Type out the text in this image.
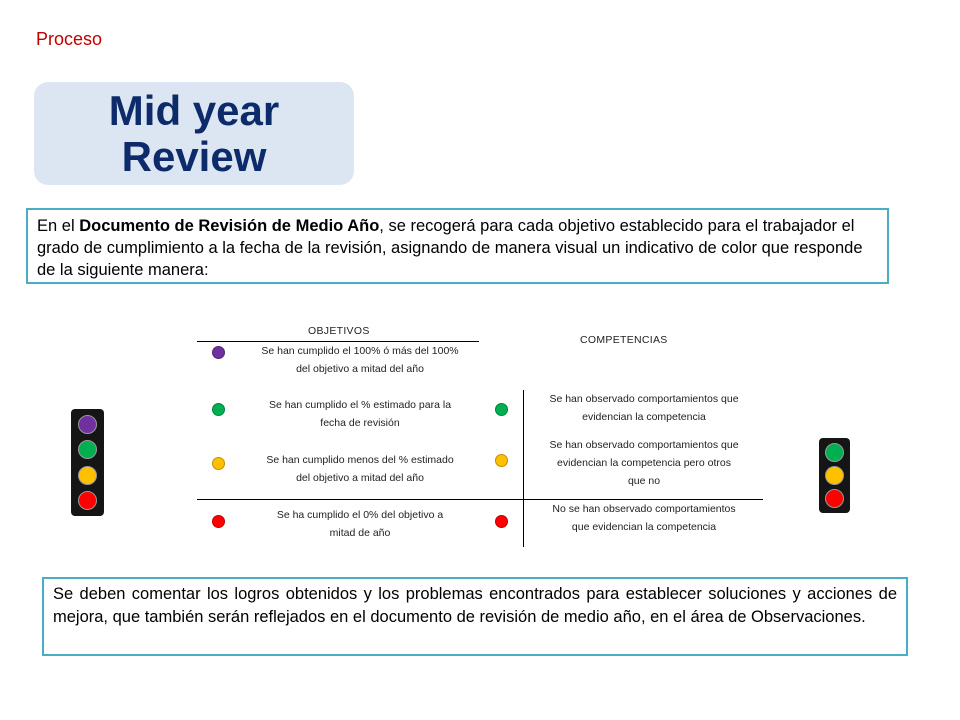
Proceso
Mid year
Review
En el Documento de Revisión de Medio Año, se recogerá para cada objetivo establecido para el trabajador el grado de cumplimiento a la fecha de la revisión, asignando de manera visual un indicativo de color que responde de la siguiente manera:
OBJETIVOS
COMPETENCIAS
Se han cumplido el 100% ó más del 100%
del objetivo a mitad del año
Se han cumplido el % estimado para la
fecha de revisión
Se han cumplido menos del % estimado
del objetivo a mitad del año
Se ha cumplido el 0% del objetivo a
mitad de año
Se han observado comportamientos que
evidencian la competencia
Se han observado comportamientos que
evidencian la competencia pero otros
que no
No se han observado comportamientos
que evidencian la competencia
Se deben comentar los logros obtenidos y los problemas encontrados para establecer soluciones y acciones de mejora, que también serán reflejados en el documento de revisión de medio año, en el área de Observaciones.
